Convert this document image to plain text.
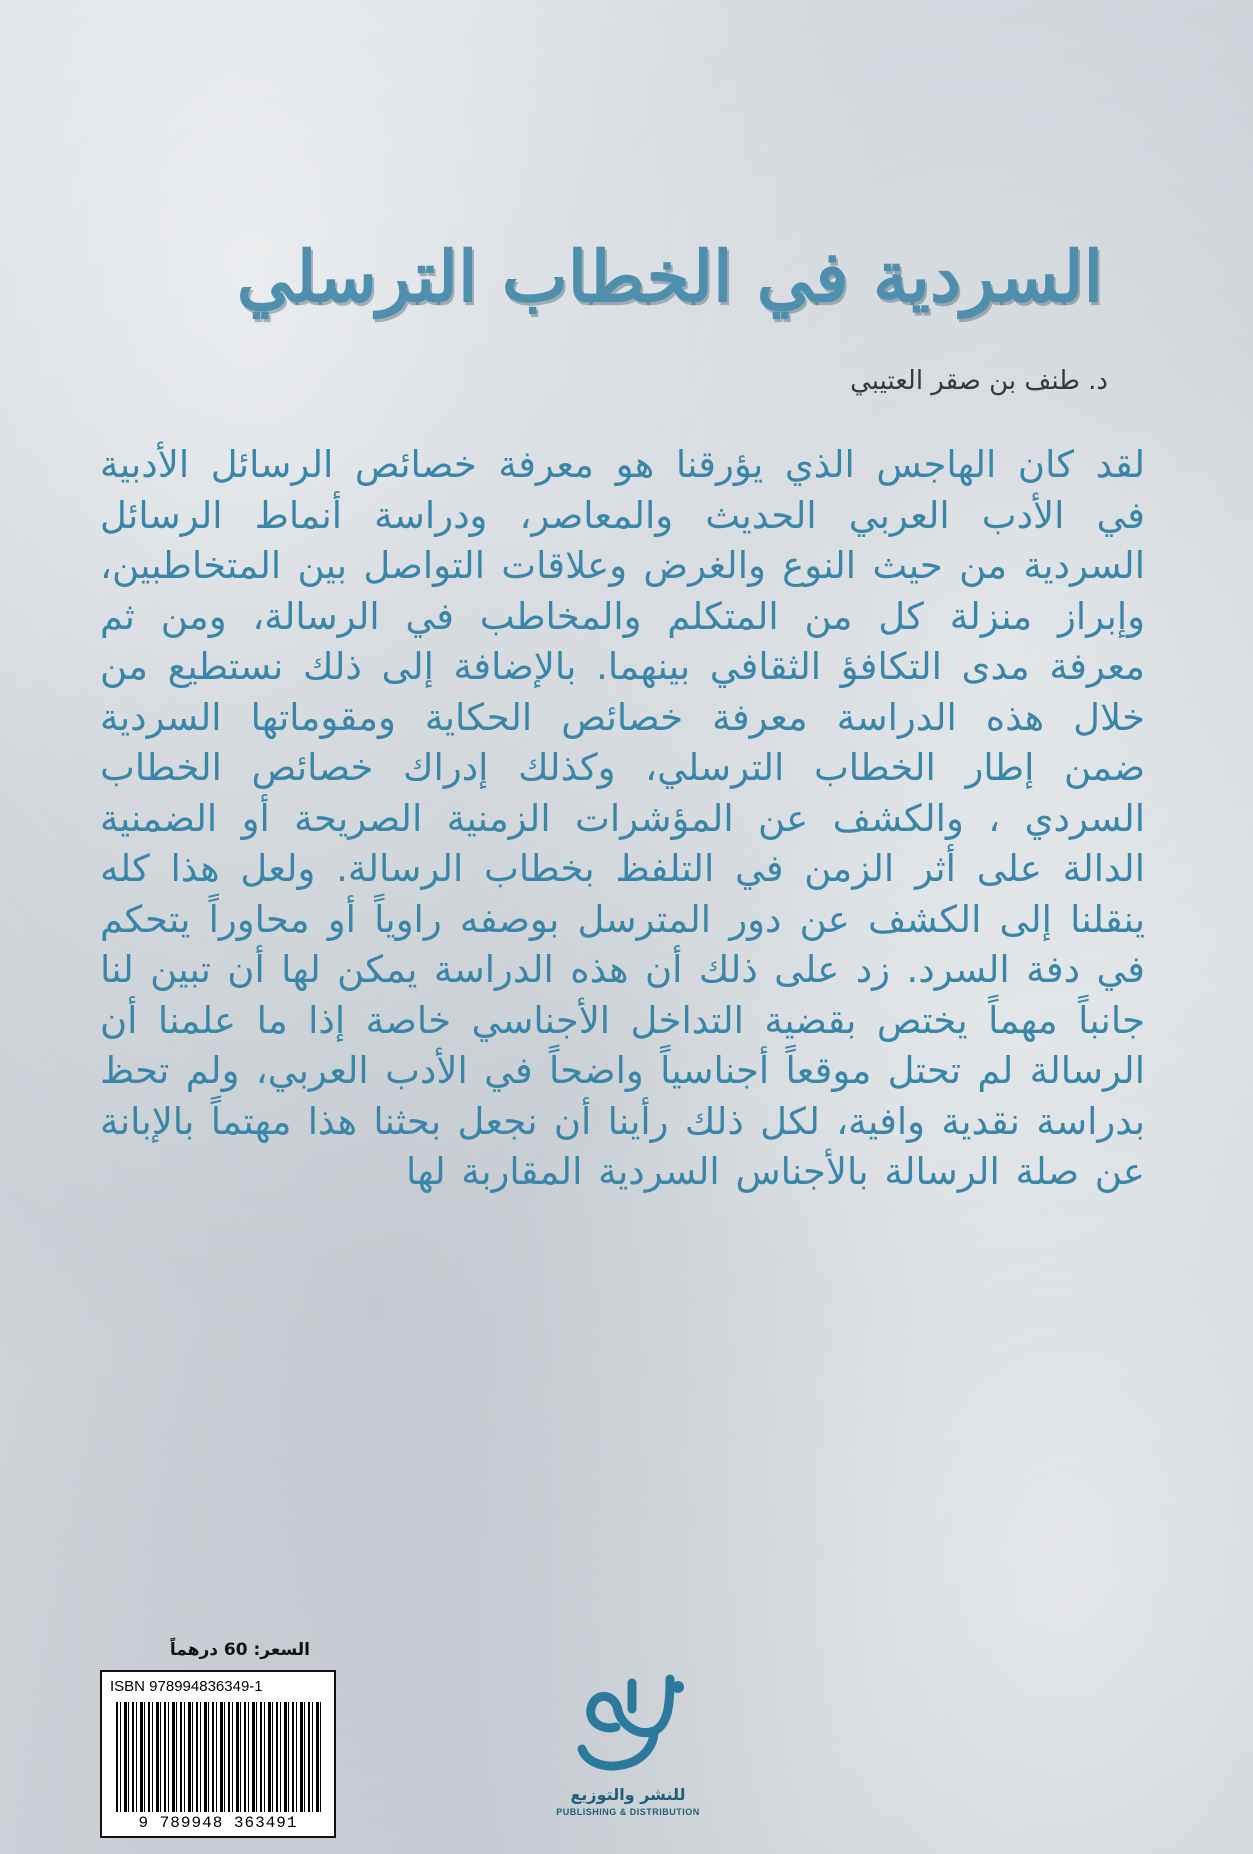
السردية في الخطاب الترسلي
د. طنف بن صقر العتيبي
لقد كان الهاجس الذي يؤرقنا هو معرفة خصائص الرسائل الأدبية في الأدب العربي الحديث والمعاصر، ودراسة أنماط الرسائل السردية من حيث النوع والغرض وعلاقات التواصل بين المتخاطبين، وإبراز منزلة كل من المتكلم والمخاطب في الرسالة، ومن ثم معرفة مدى التكافؤ الثقافي بينهما. بالإضافة إلى ذلك نستطيع من خلال هذه الدراسة معرفة خصائص الحكاية ومقوماتها السردية ضمن إطار الخطاب الترسلي، وكذلك إدراك خصائص الخطاب السردي ، والكشف عن المؤشرات الزمنية الصريحة أو الضمنية الدالة على أثر الزمن في التلفظ بخطاب الرسالة. ولعل هذا كله ينقلنا إلى الكشف عن دور المترسل بوصفه راوياً أو محاوراً يتحكم في دفة السرد. زد على ذلك أن هذه الدراسة يمكن لها أن تبين لنا جانباً مهماً يختص بقضية التداخل الأجناسي خاصة إذا ما علمنا أن الرسالة لم تحتل موقعاً أجناسياً واضحاً في الأدب العربي، ولم تحظ بدراسة نقدية وافية، لكل ذلك رأينا أن نجعل بحثنا هذا مهتماً بالإبانة عن صلة الرسالة بالأجناس السردية المقاربة لها
السعر: 60 درهماً
ISBN 978994836349-1
9 789948 363491
للنشر والتوزيع
PUBLISHING & DISTRIBUTION
